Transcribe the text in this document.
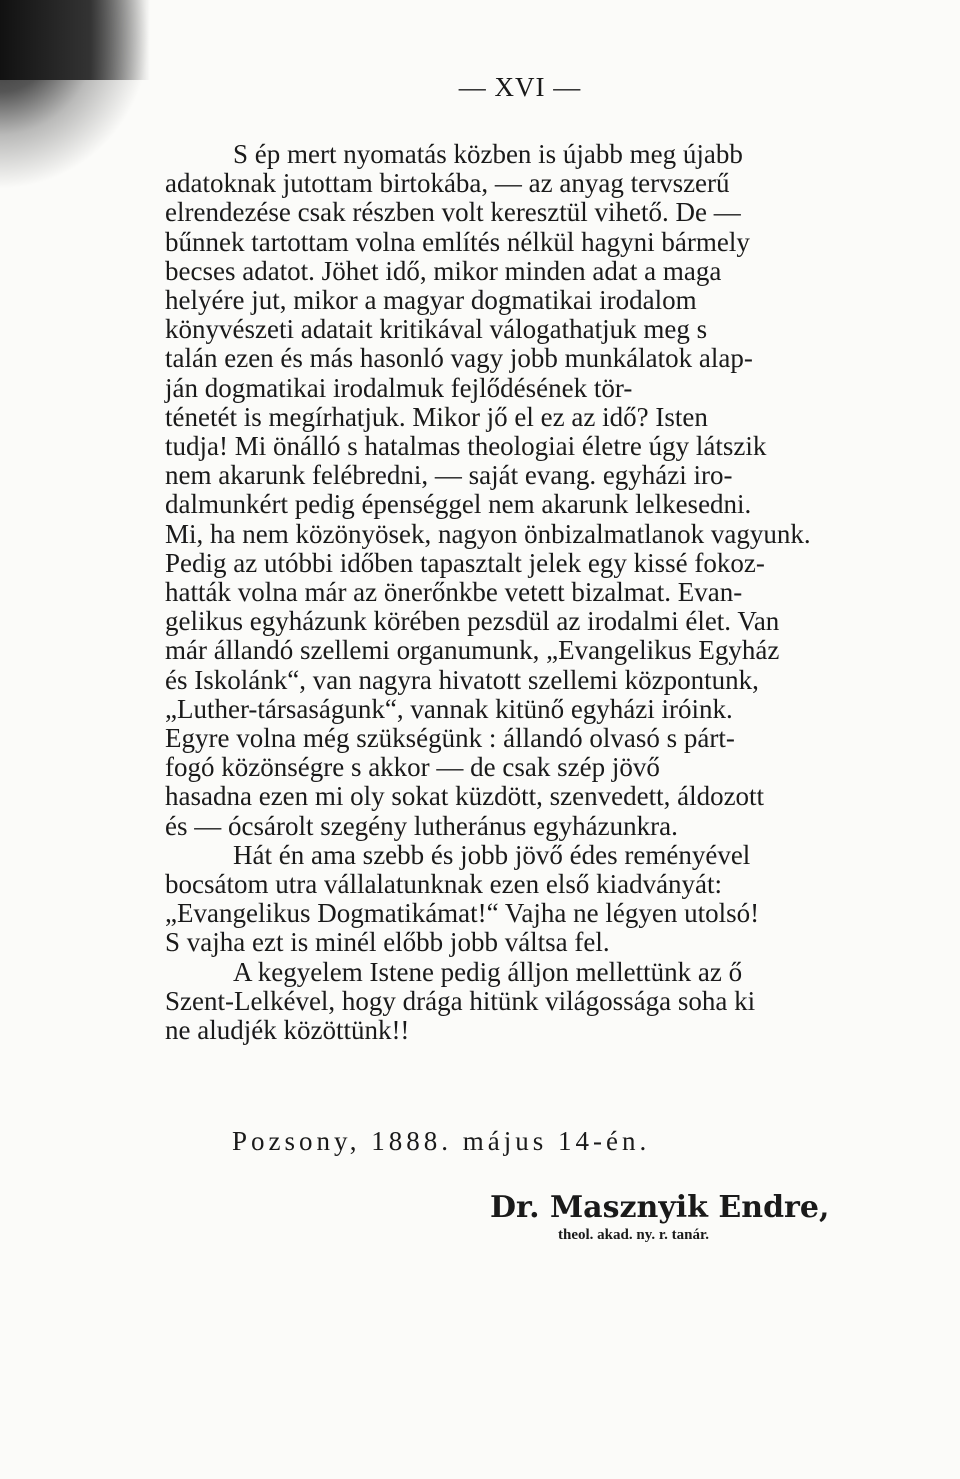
— XVI —
S ép mert nyomatás közben is újabb meg újabb
adatoknak jutottam birtokába, — az anyag tervszerű
elrendezése csak részben volt keresztül vihető. De —
bűnnek tartottam volna említés nélkül hagyni bármely
becses adatot. Jöhet idő, mikor minden adat a maga
helyére jut, mikor a magyar dogmatikai irodalom
könyvészeti adatait kritikával válogathatjuk meg s
talán ezen és más hasonló vagy jobb munkálatok alap-
ján dogmatikai irodalmuk fejlődésének tör-
ténetét is megírhatjuk. Mikor jő el ez az idő? Isten
tudja! Mi önálló s hatalmas theologiai életre úgy látszik
nem akarunk felébredni, — saját evang. egyházi iro-
dalmunkért pedig épenséggel nem akarunk lelkesedni.
Mi, ha nem közönyösek, nagyon önbizalmatlanok vagyunk.
Pedig az utóbbi időben tapasztalt jelek egy kissé fokoz-
hatták volna már az önerőnkbe vetett bizalmat. Evan-
gelikus egyházunk körében pezsdül az irodalmi élet. Van
már állandó szellemi organumunk, „Evangelikus Egyház
és Iskolánk“, van nagyra hivatott szellemi központunk,
„Luther-társaságunk“, vannak kitünő egyházi iróink.
Egyre volna még szükségünk : állandó olvasó s párt-
fogó közönségre s akkor — de csak szép jövő
hasadna ezen mi oly sokat küzdött, szenvedett, áldozott
és — ócsárolt szegény lutheránus egyházunkra.
Hát én ama szebb és jobb jövő édes reményével
bocsátom utra vállalatunknak ezen első kiadványát:
„Evangelikus Dogmatikámat!“ Vajha ne légyen utolsó!
S vajha ezt is minél előbb jobb váltsa fel.
A kegyelem Istene pedig álljon mellettünk az ő
Szent-Lelkével, hogy drága hitünk világossága soha ki
ne aludjék közöttünk!!
Pozsony, 1888. május 14-én.
Dr. Masznyik Endre,
theol. akad. ny. r. tanár.
